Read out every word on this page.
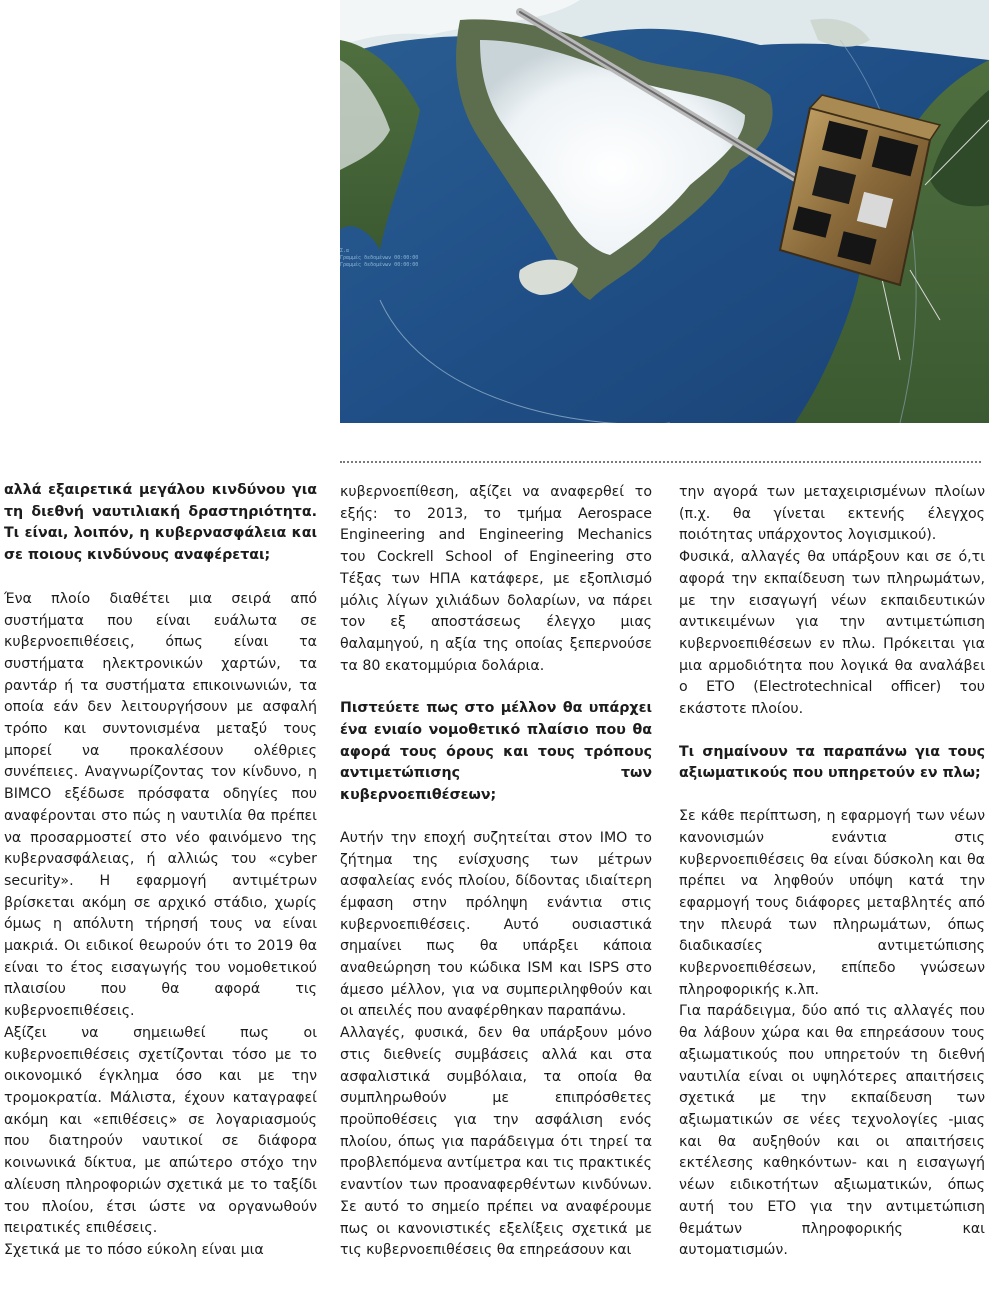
Σ.α
Γραμμές δεδομένων 00:00:00
Γραμμές δεδομένων 00:00:00

αλλά εξαιρετικά μεγάλου κινδύνου για τη διεθνή ναυτιλιακή δραστηριότητα. Τι είναι, λοιπόν, η κυβερνασφάλεια και σε ποιους κινδύνους αναφέρεται;

Ένα πλοίο διαθέτει μια σειρά από συστήματα που είναι ευάλωτα σε κυβερνοεπιθέσεις, όπως είναι τα συστήματα ηλεκτρονικών χαρτών, τα ραντάρ ή τα συστήματα επικοινωνιών, τα οποία εάν δεν λειτουργήσουν με ασφαλή τρόπο και συντονισμένα μεταξύ τους μπορεί να προκαλέσουν ολέθριες συνέπειες. Αναγνωρίζοντας τον κίνδυνο, η BIMCO εξέδωσε πρόσφατα οδηγίες που αναφέρονται στο πώς η ναυτιλία θα πρέπει να προσαρμοστεί στο νέο φαινόμενο της κυβερνασφάλειας, ή αλλιώς του «cyber security». Η εφαρμογή αντιμέτρων βρίσκεται ακόμη σε αρχικό στάδιο, χωρίς όμως η απόλυτη τήρησή τους να είναι μακριά. Οι ειδικοί θεωρούν ότι το 2019 θα είναι το έτος εισαγωγής του νομοθετικού πλαισίου που θα αφορά τις κυβερνοεπιθέσεις.

Αξίζει να σημειωθεί πως οι κυβερνοεπιθέσεις σχετίζονται τόσο με το οικονομικό έγκλημα όσο και με την τρομοκρατία. Μάλιστα, έχουν καταγραφεί ακόμη και «επιθέσεις» σε λογαριασμούς που διατηρούν ναυτικοί σε διάφορα κοινωνικά δίκτυα, με απώτερο στόχο την αλίευση πληροφοριών σχετικά με το ταξίδι του πλοίου, έτσι ώστε να οργανωθούν πειρατικές επιθέσεις.

Σχετικά με το πόσο εύκολη είναι μια

κυβερνοεπίθεση, αξίζει να αναφερθεί το εξής: το 2013, το τμήμα Aerospace Engineering and Engineering Mechanics του Cockrell School of Engineering στο Τέξας των ΗΠΑ κατάφερε, με εξοπλισμό μόλις λίγων χιλιάδων δολαρίων, να πάρει τον εξ αποστάσεως έλεγχο μιας θαλαμηγού, η αξία της οποίας ξεπερνούσε τα 80 εκατομμύρια δολάρια.

Πιστεύετε πως στο μέλλον θα υπάρχει ένα ενιαίο νομοθετικό πλαίσιο που θα αφορά τους όρους και τους τρόπους αντιμετώπισης των κυβερνοεπιθέσεων;

Αυτήν την εποχή συζητείται στον IMO το ζήτημα της ενίσχυσης των μέτρων ασφαλείας ενός πλοίου, δίδοντας ιδιαίτερη έμφαση στην πρόληψη ενάντια στις κυβερνοεπιθέσεις. Αυτό ουσιαστικά σημαίνει πως θα υπάρξει κάποια αναθεώρηση του κώδικα ISM και ISPS στο άμεσο μέλλον, για να συμπεριληφθούν και οι απειλές που αναφέρθηκαν παραπάνω.

Αλλαγές, φυσικά, δεν θα υπάρξουν μόνο στις διεθνείς συμβάσεις αλλά και στα ασφαλιστικά συμβόλαια, τα οποία θα συμπληρωθούν με επιπρόσθετες προϋποθέσεις για την ασφάλιση ενός πλοίου, όπως για παράδειγμα ότι τηρεί τα προβλεπόμενα αντίμετρα και τις πρακτικές εναντίον των προαναφερθέντων κινδύνων. Σε αυτό το σημείο πρέπει να αναφέρουμε πως οι κανονιστικές εξελίξεις σχετικά με τις κυβερνοεπιθέσεις θα επηρεάσουν και

την αγορά των μεταχειρισμένων πλοίων (π.χ. θα γίνεται εκτενής έλεγχος ποιότητας υπάρχοντος λογισμικού).

Φυσικά, αλλαγές θα υπάρξουν και σε ό,τι αφορά την εκπαίδευση των πληρωμάτων, με την εισαγωγή νέων εκπαιδευτικών αντικειμένων για την αντιμετώπιση κυβερνοεπιθέσεων εν πλω. Πρόκειται για μια αρμοδιότητα που λογικά θα αναλάβει ο ETO (Electrotechnical officer) του εκάστοτε πλοίου.

Τι σημαίνουν τα παραπάνω για τους αξιωματικούς που υπηρετούν εν πλω;

Σε κάθε περίπτωση, η εφαρμογή των νέων κανονισμών ενάντια στις κυβερνοεπιθέσεις θα είναι δύσκολη και θα πρέπει να ληφθούν υπόψη κατά την εφαρμογή τους διάφορες μεταβλητές από την πλευρά των πληρωμάτων, όπως διαδικασίες αντιμετώπισης κυβερνοεπιθέσεων, επίπεδο γνώσεων πληροφορικής κ.λπ.

Για παράδειγμα, δύο από τις αλλαγές που θα λάβουν χώρα και θα επηρεάσουν τους αξιωματικούς που υπηρετούν τη διεθνή ναυτιλία είναι οι υψηλότερες απαιτήσεις σχετικά με την εκπαίδευση των αξιωματικών σε νέες τεχνολογίες -μιας και θα αυξηθούν και οι απαιτήσεις εκτέλεσης καθηκόντων- και η εισαγωγή νέων ειδικοτήτων αξιωματικών, όπως αυτή του ETO για την αντιμετώπιση θεμάτων πληροφορικής και αυτοματισμών.
